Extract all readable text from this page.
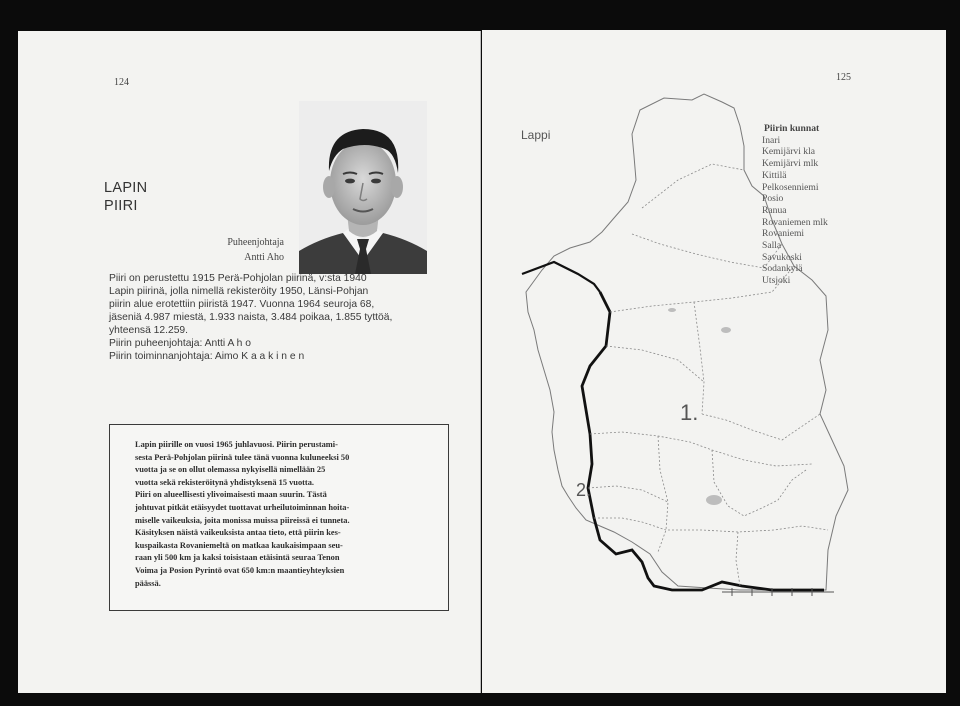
124
LAPIN
PIIRI
Puheenjohtaja
Antti Aho
Piiri on perustettu 1915 Perä-Pohjolan piirinä, v:sta 1940
Lapin piirinä, jolla nimellä rekisteröity 1950, Länsi-Pohjan
piirin alue erotettiin piiristä 1947. Vuonna 1964 seuroja 68,
jäseniä 4.987 miestä, 1.933 naista, 3.484 poikaa, 1.855 tyttöä,
yhteensä 12.259.
Piirin puheenjohtaja: Antti A h o
Piirin toiminnanjohtaja: Aimo K a a k i n e n
Lapin piirille on vuosi 1965 juhlavuosi. Piirin perustami-
sesta Perä-Pohjolan piirinä tulee tänä vuonna kuluneeksi 50
vuotta ja se on ollut olemassa nykyisellä nimellään 25
vuotta sekä rekisteröitynä yhdistyksenä 15 vuotta.
Piiri on alueellisesti ylivoimaisesti maan suurin. Tästä
johtuvat pitkät etäisyydet tuottavat urheilutoiminnan hoita-
miselle vaikeuksia, joita monissa muissa piireissä ei tunneta.
Käsityksen näistä vaikeuksista antaa tieto, että piirin kes-
kuspaikasta Rovaniemeltä on matkaa kaukaisimpaan seu-
raan yli 500 km ja kaksi toisistaan etäisintä seuraa Tenon
Voima ja Posion Pyrintö ovat 650 km:n maantieyhteyksien
päässä.
125
Lappi
1.
2.
Piirin kunnat
Inari
Kemijärvi kla
Kemijärvi mlk
Kittilä
Pelkosenniemi
Posio
Ranua
Rovaniemen mlk
Rovaniemi
Salla
Savukoski
Sodankylä
Utsjoki
